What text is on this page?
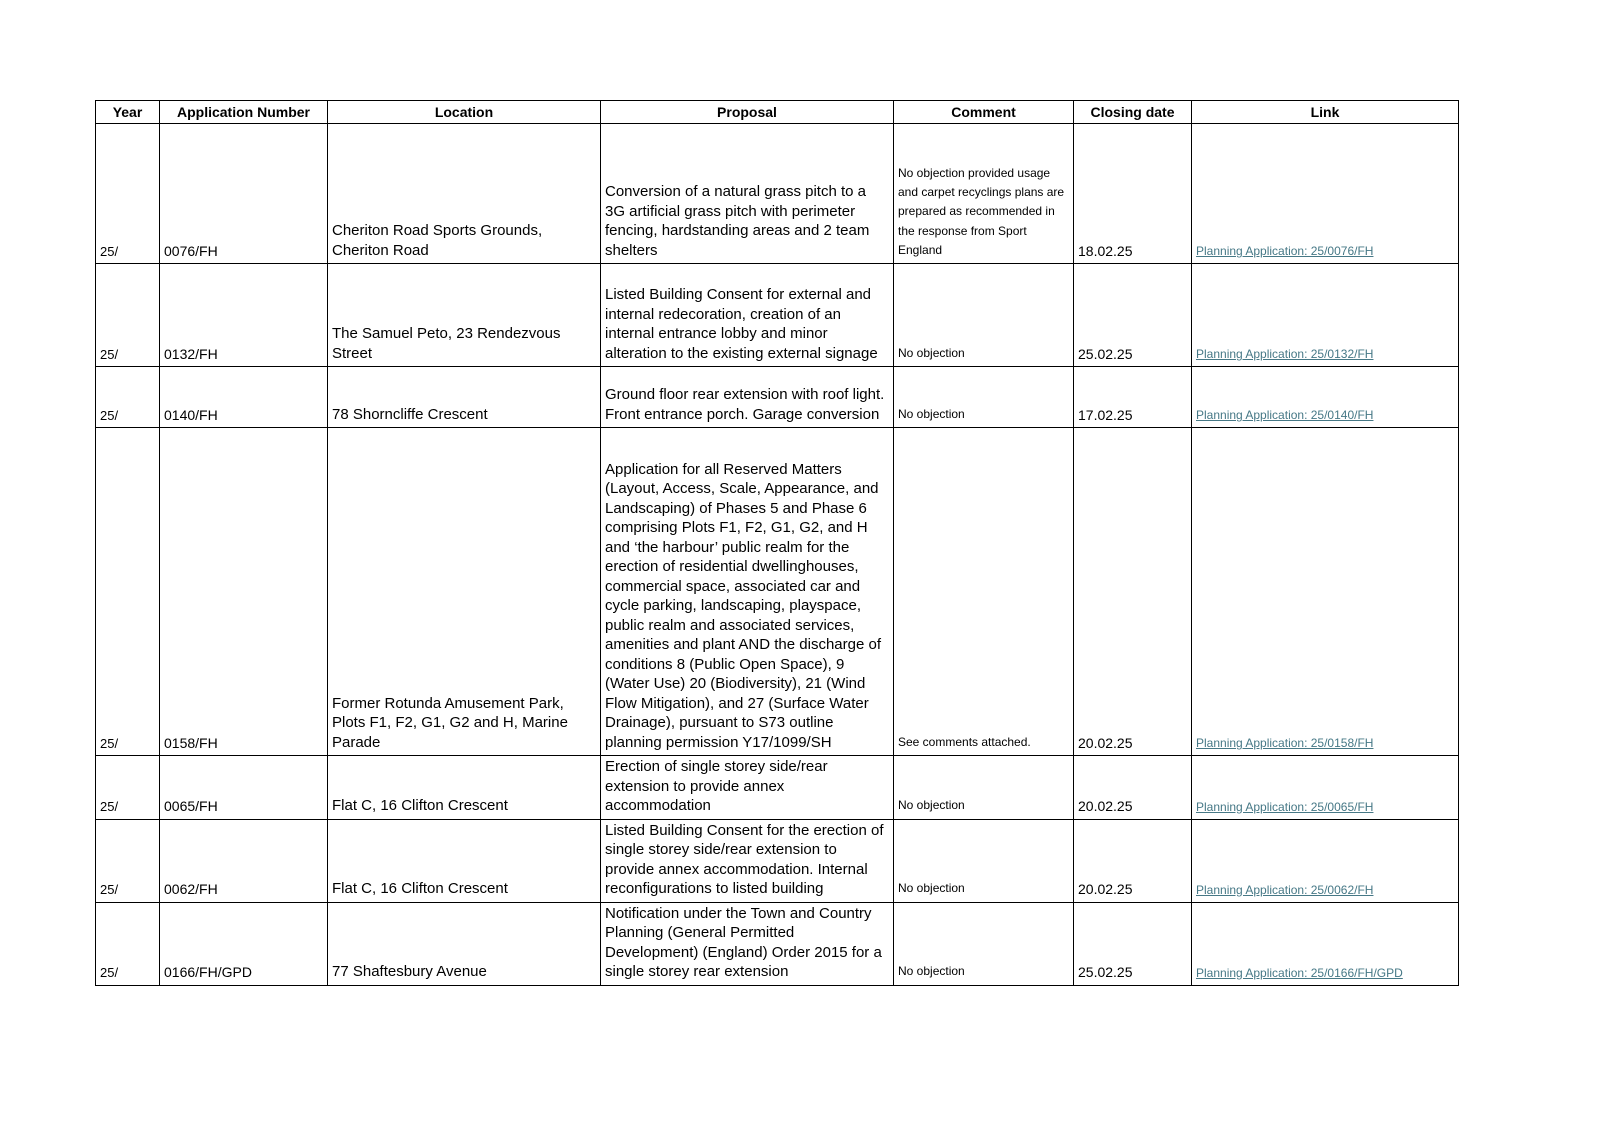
Year	Application Number	Location	Proposal	Comment	Closing date	Link
25/	0076/FH	Cheriton Road Sports Grounds, Cheriton Road	Conversion of a natural grass pitch to a 3G artificial grass pitch with perimeter fencing, hardstanding areas and 2 team shelters	No objection provided usage and carpet recyclings plans are prepared as recommended in the response from Sport England	18.02.25	Planning Application: 25/0076/FH
25/	0132/FH	The Samuel Peto, 23 Rendezvous Street	Listed Building Consent for external and internal redecoration, creation of an internal entrance lobby and minor alteration to the existing external signage	No objection	25.02.25	Planning Application: 25/0132/FH
25/	0140/FH	78 Shorncliffe Crescent	Ground floor rear extension with roof light. Front entrance porch. Garage conversion	No objection	17.02.25	Planning Application: 25/0140/FH
25/	0158/FH	Former Rotunda Amusement Park, Plots F1, F2, G1, G2 and H, Marine Parade	Application for all Reserved Matters (Layout, Access, Scale, Appearance, and Landscaping) of Phases 5 and Phase 6 comprising Plots F1, F2, G1, G2, and H and ‘the harbour’ public realm for the erection of residential dwellinghouses, commercial space, associated car and cycle parking, landscaping, playspace, public realm and associated services, amenities and plant AND the discharge of conditions 8 (Public Open Space), 9 (Water Use) 20 (Biodiversity), 21 (Wind Flow Mitigation), and 27 (Surface Water Drainage), pursuant to S73 outline planning permission Y17/1099/SH	See comments attached.	20.02.25	Planning Application: 25/0158/FH
25/	0065/FH	Flat C, 16 Clifton Crescent	Erection of single storey side/rear extension to provide annex accommodation	No objection	20.02.25	Planning Application: 25/0065/FH
25/	0062/FH	Flat C, 16 Clifton Crescent	Listed Building Consent for the erection of single storey side/rear extension to provide annex accommodation. Internal reconfigurations to listed building	No objection	20.02.25	Planning Application: 25/0062/FH
25/	0166/FH/GPD	77 Shaftesbury Avenue	Notification under the Town and Country Planning (General Permitted Development) (England) Order 2015 for a single storey rear extension	No objection	25.02.25	Planning Application: 25/0166/FH/GPD
